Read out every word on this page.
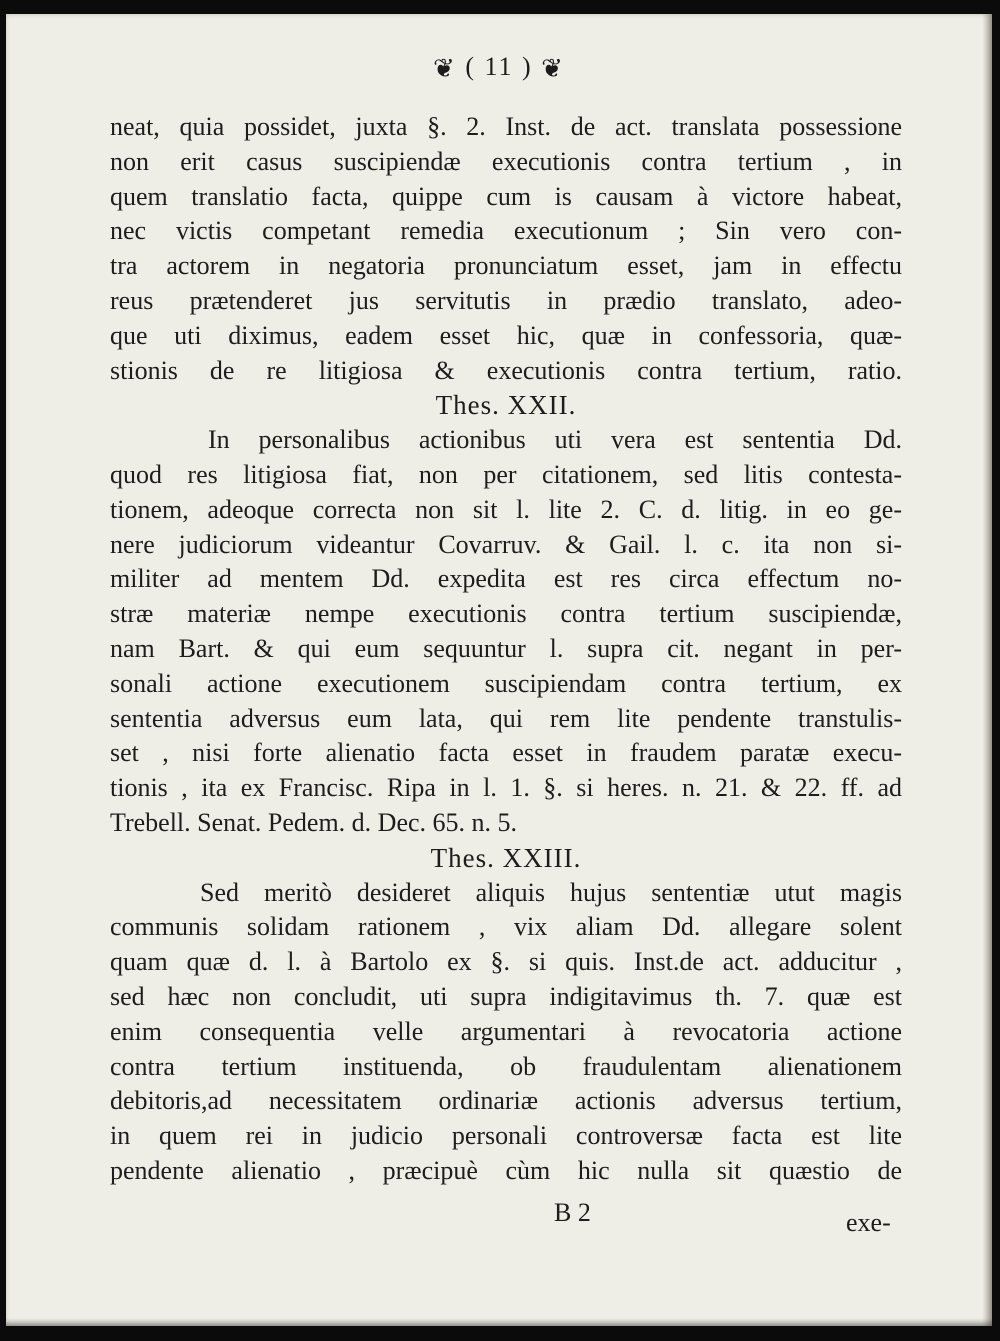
❦ ( 11 ) ❦
neat, quia possidet, juxta §. 2. Inst. de act. translata possessione
non erit casus suscipiendæ executionis contra tertium , in
quem translatio facta, quippe cum is causam à victore habeat,
nec victis competant remedia executionum ; Sin vero con-
tra actorem in negatoria pronunciatum esset, jam in effectu
reus prætenderet jus servitutis in prædio translato, adeo-
que uti diximus, eadem esset hic, quæ in confessoria, quæ-
stionis de re litigiosa & executionis contra tertium, ratio.
Thes. XXII.
In personalibus actionibus uti vera est sententia Dd.
quod res litigiosa fiat, non per citationem, sed litis contesta-
tionem, adeoque correcta non sit l. lite 2. C. d. litig. in eo ge-
nere judiciorum videantur Covarruv. & Gail. l. c. ita non si-
militer ad mentem Dd. expedita est res circa effectum no-
stræ materiæ nempe executionis contra tertium suscipiendæ,
nam Bart. & qui eum sequuntur l. supra cit. negant in per-
sonali actione executionem suscipiendam contra tertium, ex
sententia adversus eum lata, qui rem lite pendente transtulis-
set , nisi forte alienatio facta esset in fraudem paratæ execu-
tionis , ita ex Francisc. Ripa in l. 1. §. si heres. n. 21. & 22. ff. ad
Trebell. Senat. Pedem. d. Dec. 65. n. 5.
Thes. XXIII.
Sed meritò desideret aliquis hujus sententiæ utut magis
communis solidam rationem , vix aliam Dd. allegare solent
quam quæ d. l. à Bartolo ex §. si quis. Inst.de act. adducitur ,
sed hæc non concludit, uti supra indigitavimus th. 7. quæ est
enim consequentia velle argumentari à revocatoria actione
contra tertium instituenda, ob fraudulentam alienationem
debitoris,ad necessitatem ordinariæ actionis adversus tertium,
in quem rei in judicio personali controversæ facta est lite
pendente alienatio , præcipuè cùm hic nulla sit quæstio de
B 2	exe-
